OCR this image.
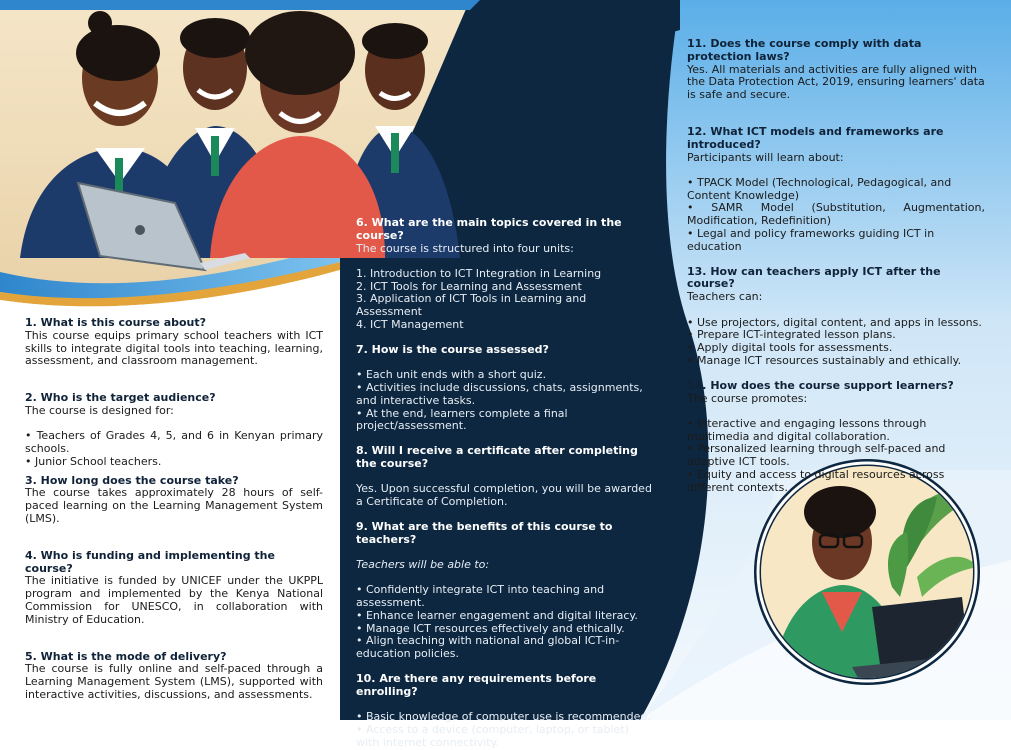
1. What is this course about?

This course equips primary school teachers with ICT skills to integrate digital tools into teaching, learning, assessment, and classroom management.

2. Who is the target audience?

The course is designed for:

• Teachers of Grades 4, 5, and 6 in Kenyan primary schools.

• Junior School teachers.

3. How long does the course take?

The course takes approximately 28 hours of self-paced learning on the Learning Management System (LMS).

4. Who is funding and implementing the course?

The initiative is funded by UNICEF under the UKPPL program and implemented by the Kenya National Commission for UNESCO, in collaboration with Ministry of Education.

5. What is the mode of delivery?

The course is fully online and self-paced through a Learning Management System (LMS), supported with interactive activities, discussions, and assessments.

6. What are the main topics covered in the course?

The course is structured into four units:

1. Introduction to ICT Integration in Learning

2. ICT Tools for Learning and Assessment

3. Application of ICT Tools in Learning and Assessment

4. ICT Management

7. How is the course assessed?

• Each unit ends with a short quiz.

• Activities include discussions, chats, assignments, and interactive tasks.

• At the end, learners complete a final project/assessment.

8. Will I receive a certificate after completing the course?

Yes. Upon successful completion, you will be awarded a Certificate of Completion.

9. What are the benefits of this course to teachers?

Teachers will be able to:

• Confidently integrate ICT into teaching and assessment.

• Enhance learner engagement and digital literacy.

• Manage ICT resources effectively and ethically.

• Align teaching with national and global ICT-in-education policies.

10. Are there any requirements before enrolling?

• Basic knowledge of computer use is recommended.

• Access to a device (computer, laptop, or tablet) with internet connectivity.

11. Does the course comply with data protection laws?

Yes. All materials and activities are fully aligned with the Data Protection Act, 2019, ensuring learners' data is safe and secure.

12. What ICT models and frameworks are introduced?

Participants will learn about:

• TPACK Model (Technological, Pedagogical, and Content Knowledge)

• SAMR Model (Substitution, Augmentation, Modification, Redefinition)

• Legal and policy frameworks guiding ICT in education

13. How can teachers apply ICT after the course?

Teachers can:

• Use projectors, digital content, and apps in lessons.

• Prepare ICT-integrated lesson plans.

• Apply digital tools for assessments.

• Manage ICT resources sustainably and ethically.

14. How does the course support learners?

The course promotes:

• Interactive and engaging lessons through multimedia and digital collaboration.

• Personalized learning through self-paced and adaptive ICT tools.

• Equity and access to digital resources across different contexts.
